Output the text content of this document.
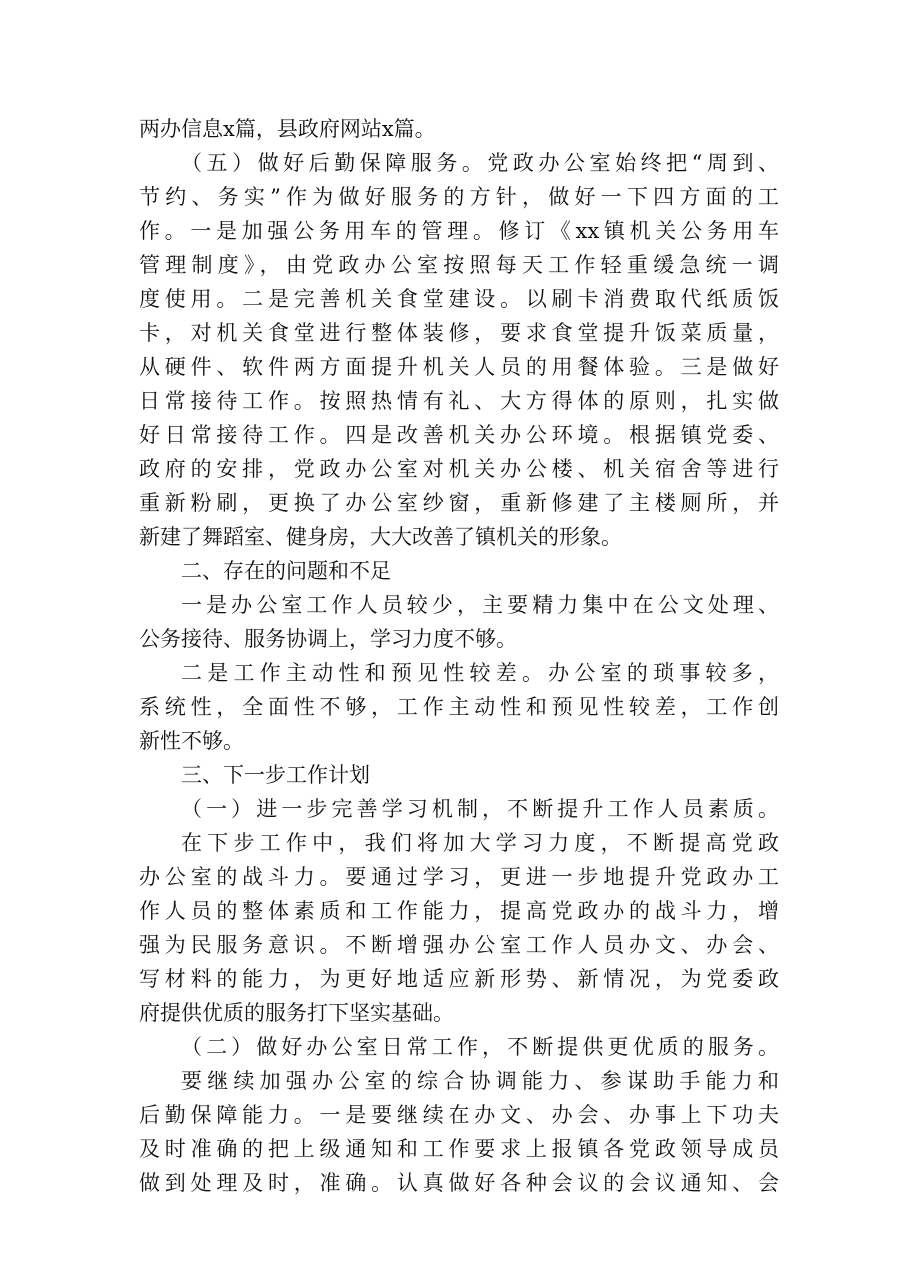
两办信息x篇，县政府网站x篇。
（五）做好后勤保障服务。党政办公室始终把“周到、
节约、务实”作为做好服务的方针，做好一下四方面的工
作。一是加强公务用车的管理。修订《xx镇机关公务用车
管理制度》，由党政办公室按照每天工作轻重缓急统一调
度使用。二是完善机关食堂建设。以刷卡消费取代纸质饭
卡，对机关食堂进行整体装修，要求食堂提升饭菜质量，
从硬件、软件两方面提升机关人员的用餐体验。三是做好
日常接待工作。按照热情有礼、大方得体的原则，扎实做
好日常接待工作。四是改善机关办公环境。根据镇党委、
政府的安排，党政办公室对机关办公楼、机关宿舍等进行
重新粉刷，更换了办公室纱窗，重新修建了主楼厕所，并
新建了舞蹈室、健身房，大大改善了镇机关的形象。
二、存在的问题和不足
一是办公室工作人员较少，主要精力集中在公文处理、
公务接待、服务协调上，学习力度不够。
二是工作主动性和预见性较差。办公室的琐事较多，
系统性，全面性不够，工作主动性和预见性较差，工作创
新性不够。
三、下一步工作计划
（一）进一步完善学习机制，不断提升工作人员素质。
在下步工作中，我们将加大学习力度，不断提高党政
办公室的战斗力。要通过学习，更进一步地提升党政办工
作人员的整体素质和工作能力，提高党政办的战斗力，增
强为民服务意识。不断增强办公室工作人员办文、办会、
写材料的能力，为更好地适应新形势、新情况，为党委政
府提供优质的服务打下坚实基础。
（二）做好办公室日常工作，不断提供更优质的服务。
要继续加强办公室的综合协调能力、参谋助手能力和
后勤保障能力。一是要继续在办文、办会、办事上下功夫
及时准确的把上级通知和工作要求上报镇各党政领导成员
做到处理及时，准确。认真做好各种会议的会议通知、会
